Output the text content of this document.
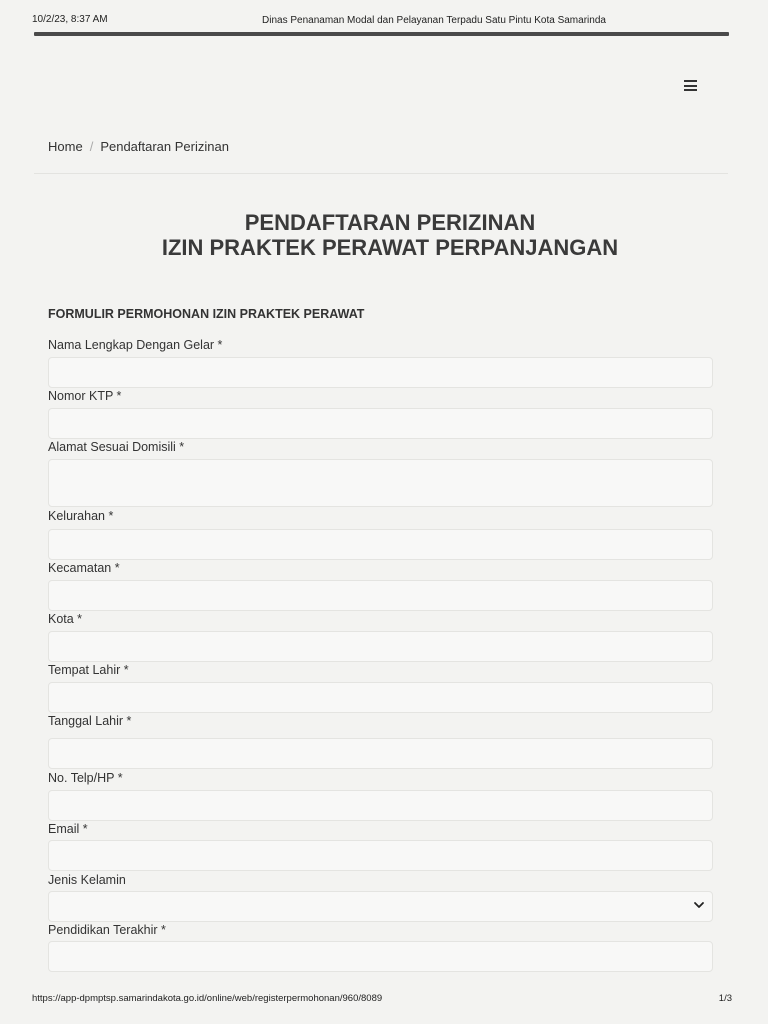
10/2/23, 8:37 AM	Dinas Penanaman Modal dan Pelayanan Terpadu Satu Pintu Kota Samarinda
Home / Pendaftaran Perizinan
PENDAFTARAN PERIZINAN
IZIN PRAKTEK PERAWAT PERPANJANGAN
FORMULIR PERMOHONAN IZIN PRAKTEK PERAWAT
Nama Lengkap Dengan Gelar *
Nomor KTP *
Alamat Sesuai Domisili *
Kelurahan *
Kecamatan *
Kota *
Tempat Lahir *
Tanggal Lahir *
No. Telp/HP *
Email *
Jenis Kelamin
Pendidikan Terakhir *
https://app-dpmptsp.samarindakota.go.id/online/web/registerpermohonan/960/8089	1/3
